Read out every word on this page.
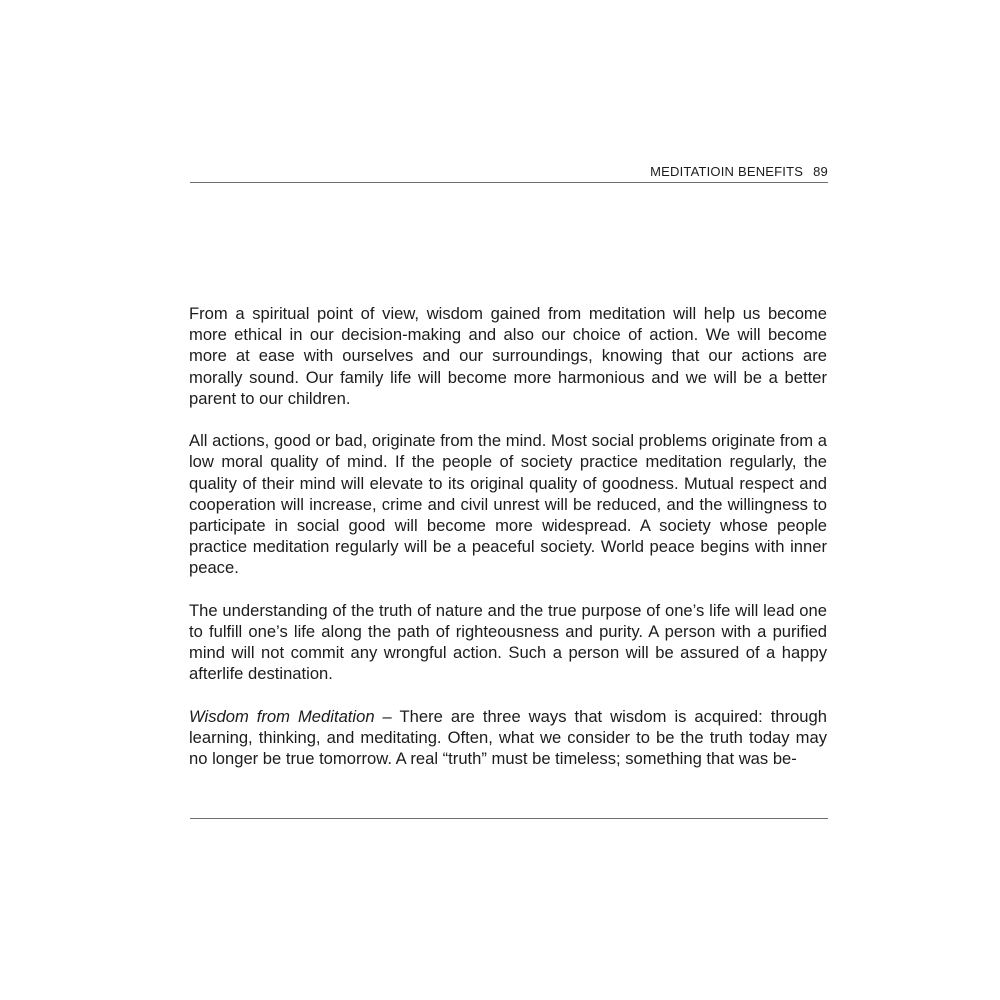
MEDITATIOIN BENEFITS 89

From a spiritual point of view, wisdom gained from meditation will help us become more ethical in our decision-making and also our choice of action. We will become more at ease with ourselves and our surroundings, knowing that our actions are morally sound. Our family life will become more harmonious and we will be a better parent to our children.

All actions, good or bad, originate from the mind. Most social problems originate from a low moral quality of mind. If the people of society practice meditation regularly, the quality of their mind will elevate to its original quality of goodness. Mutual respect and cooperation will increase, crime and civil unrest will be reduced, and the willingness to participate in social good will become more widespread. A society whose people practice meditation regularly will be a peaceful society. World peace begins with inner peace.

The understanding of the truth of nature and the true purpose of one’s life will lead one to fulfill one’s life along the path of righteousness and purity. A person with a purified mind will not commit any wrongful action. Such a person will be assured of a happy afterlife destination.

Wisdom from Meditation – There are three ways that wisdom is acquired: through learning, thinking, and meditating. Often, what we consider to be the truth today may no longer be true tomorrow. A real “truth” must be timeless; something that was be-
